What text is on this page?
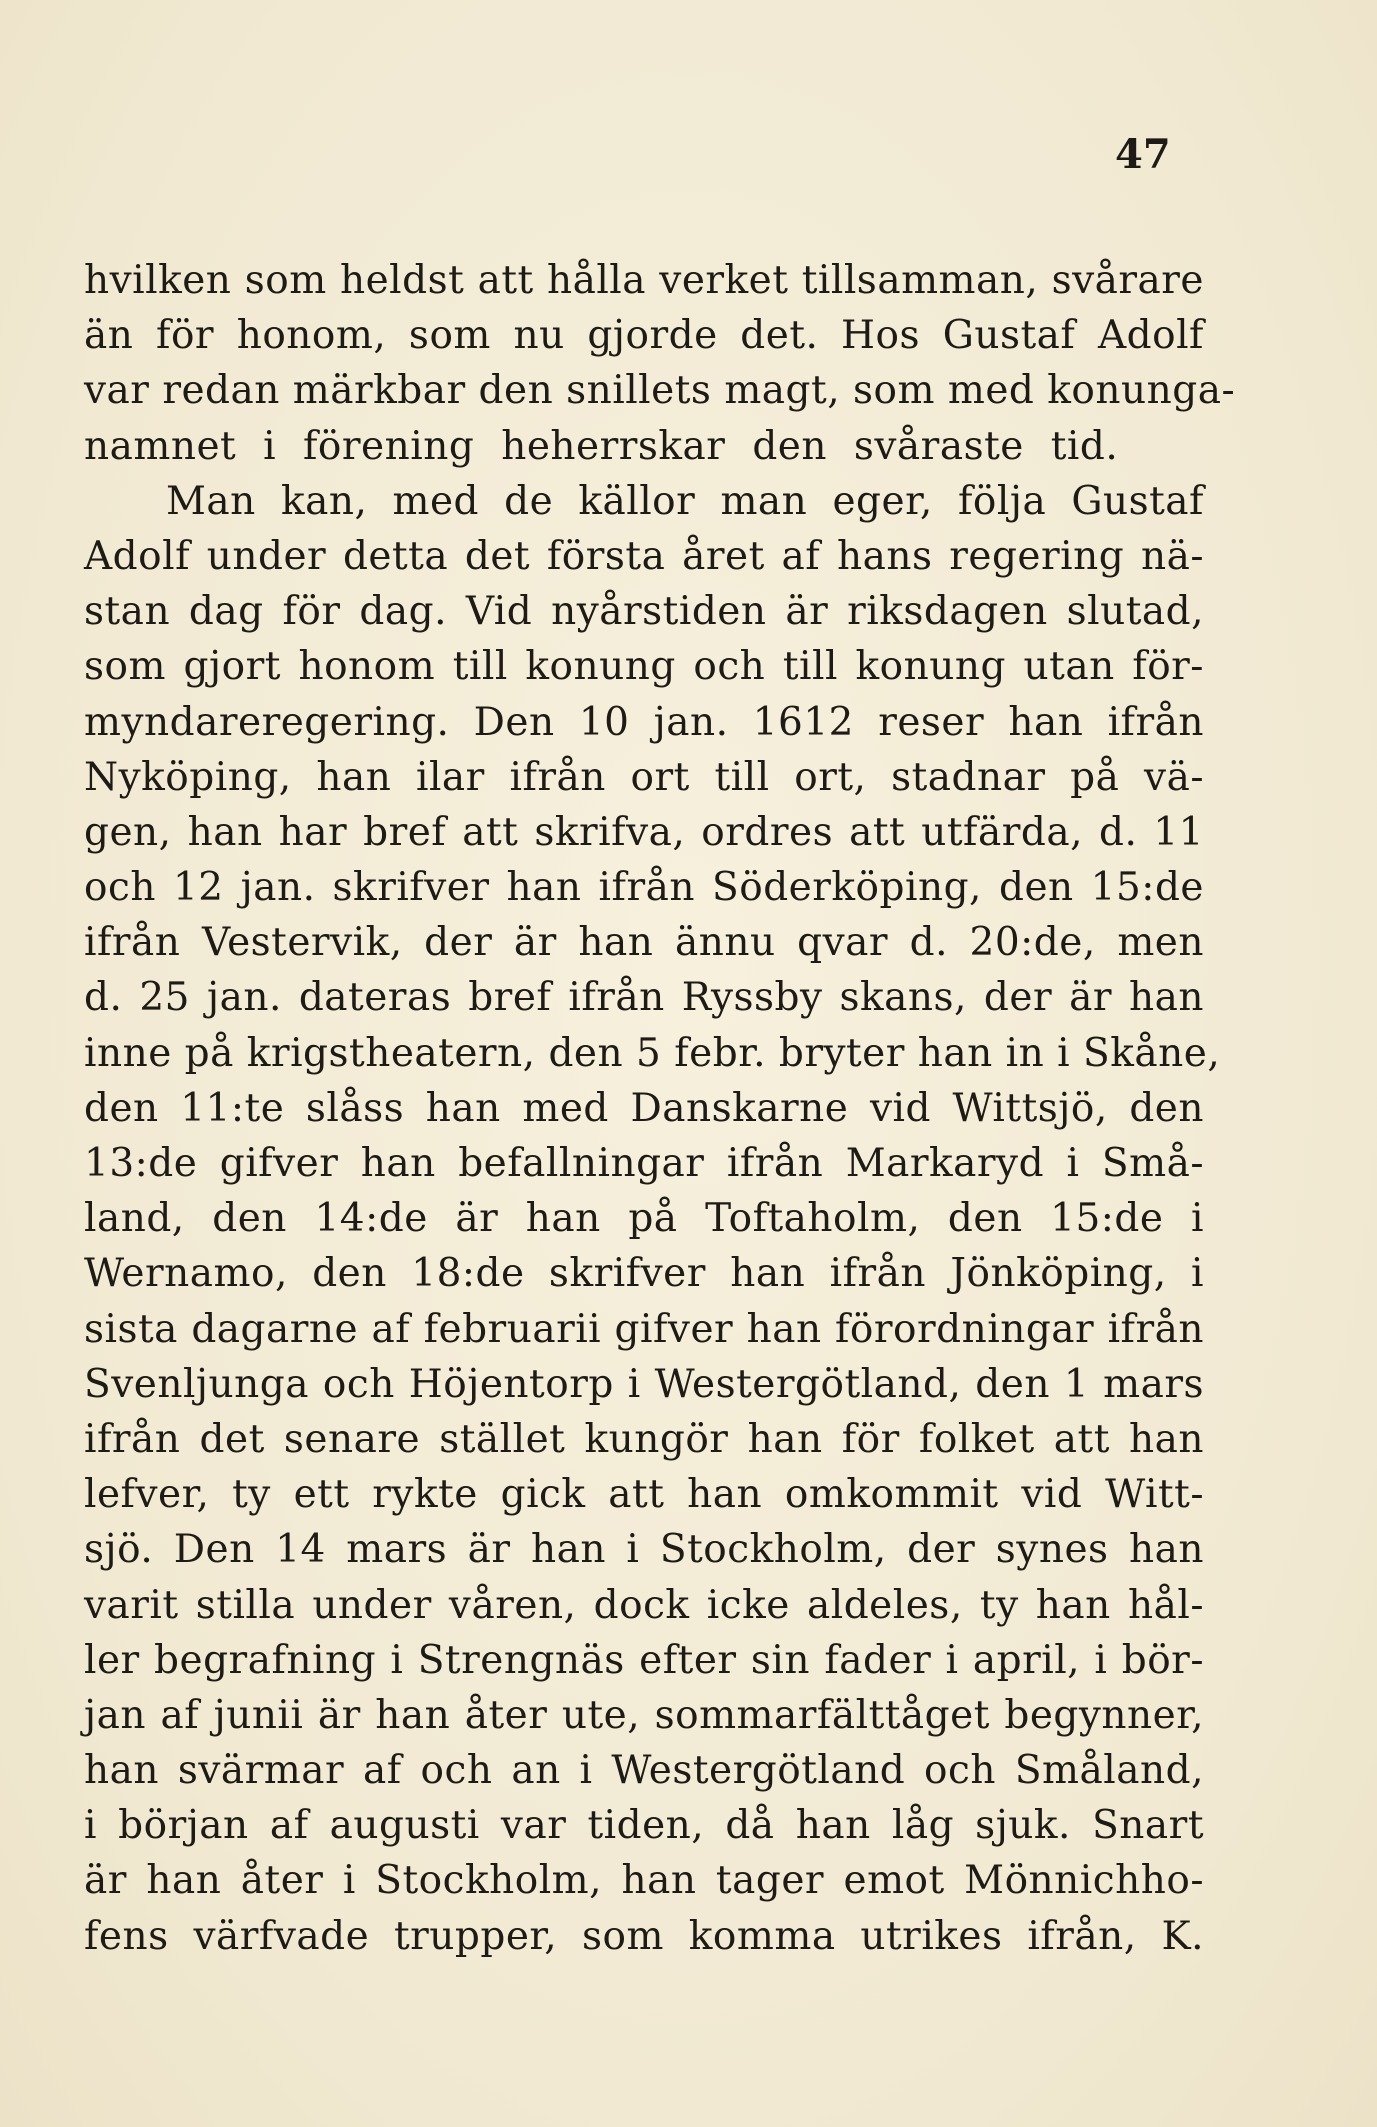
47
hvilken som heldst att hålla verket tillsamman, svårare
än för honom, som nu gjorde det. Hos Gustaf Adolf
var redan märkbar den snillets magt, som med konunga-
namnet i förening heherrskar den svåraste tid.
Man kan, med de källor man eger, följa Gustaf
Adolf under detta det första året af hans regering nä-
stan dag för dag. Vid nyårstiden är riksdagen slutad,
som gjort honom till konung och till konung utan för-
myndareregering. Den 10 jan. 1612 reser han ifrån
Nyköping, han ilar ifrån ort till ort, stadnar på vä-
gen, han har bref att skrifva, ordres att utfärda, d. 11
och 12 jan. skrifver han ifrån Söderköping, den 15:de
ifrån Vestervik, der är han ännu qvar d. 20:de, men
d. 25 jan. dateras bref ifrån Ryssby skans, der är han
inne på krigstheatern, den 5 febr. bryter han in i Skåne,
den 11:te slåss han med Danskarne vid Wittsjö, den
13:de gifver han befallningar ifrån Markaryd i Små-
land, den 14:de är han på Toftaholm, den 15:de i
Wernamo, den 18:de skrifver han ifrån Jönköping, i
sista dagarne af februarii gifver han förordningar ifrån
Svenljunga och Höjentorp i Westergötland, den 1 mars
ifrån det senare stället kungör han för folket att han
lefver, ty ett rykte gick att han omkommit vid Witt-
sjö. Den 14 mars är han i Stockholm, der synes han
varit stilla under våren, dock icke aldeles, ty han hål-
ler begrafning i Strengnäs efter sin fader i april, i bör-
jan af junii är han åter ute, sommarfälttåget begynner,
han svärmar af och an i Westergötland och Småland,
i början af augusti var tiden, då han låg sjuk. Snart
är han åter i Stockholm, han tager emot Mönnichho-
fens värfvade trupper, som komma utrikes ifrån, K.
